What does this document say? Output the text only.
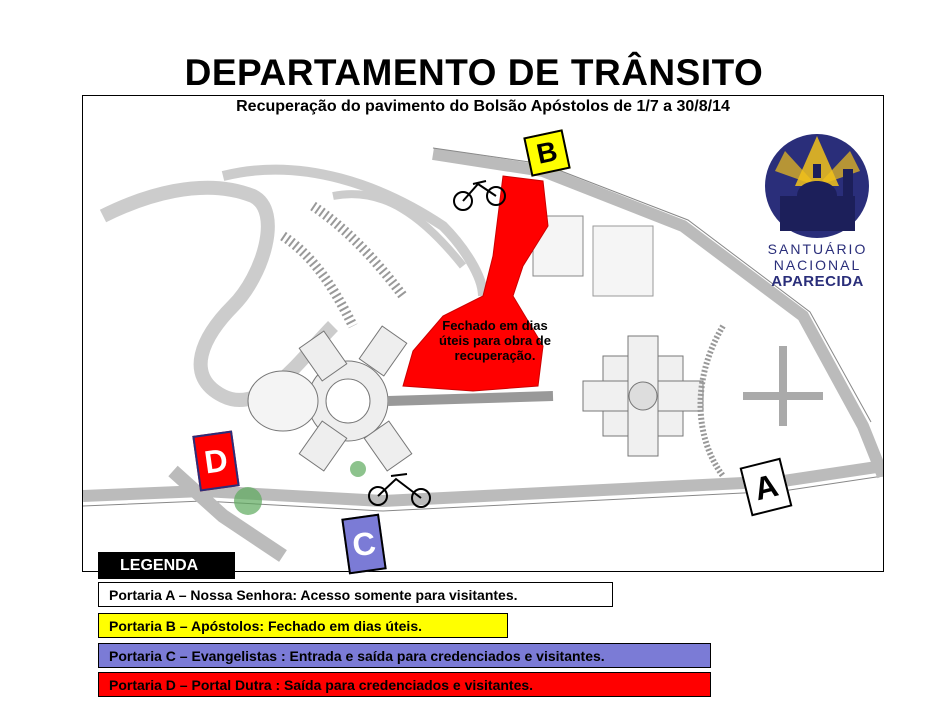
DEPARTAMENTO DE TRÂNSITO
Recuperação do pavimento do Bolsão Apóstolos de 1/7 a 30/8/14
Fechado em dias úteis para obra de recuperação.
SANTUÁRIO
NACIONAL
APARECIDA
B
A
C
D
LEGENDA
Portaria A – Nossa Senhora: Acesso somente para visitantes.
Portaria B – Apóstolos: Fechado em dias úteis.
Portaria C – Evangelistas : Entrada e saída para credenciados e visitantes.
Portaria D – Portal Dutra : Saída para credenciados e visitantes.
